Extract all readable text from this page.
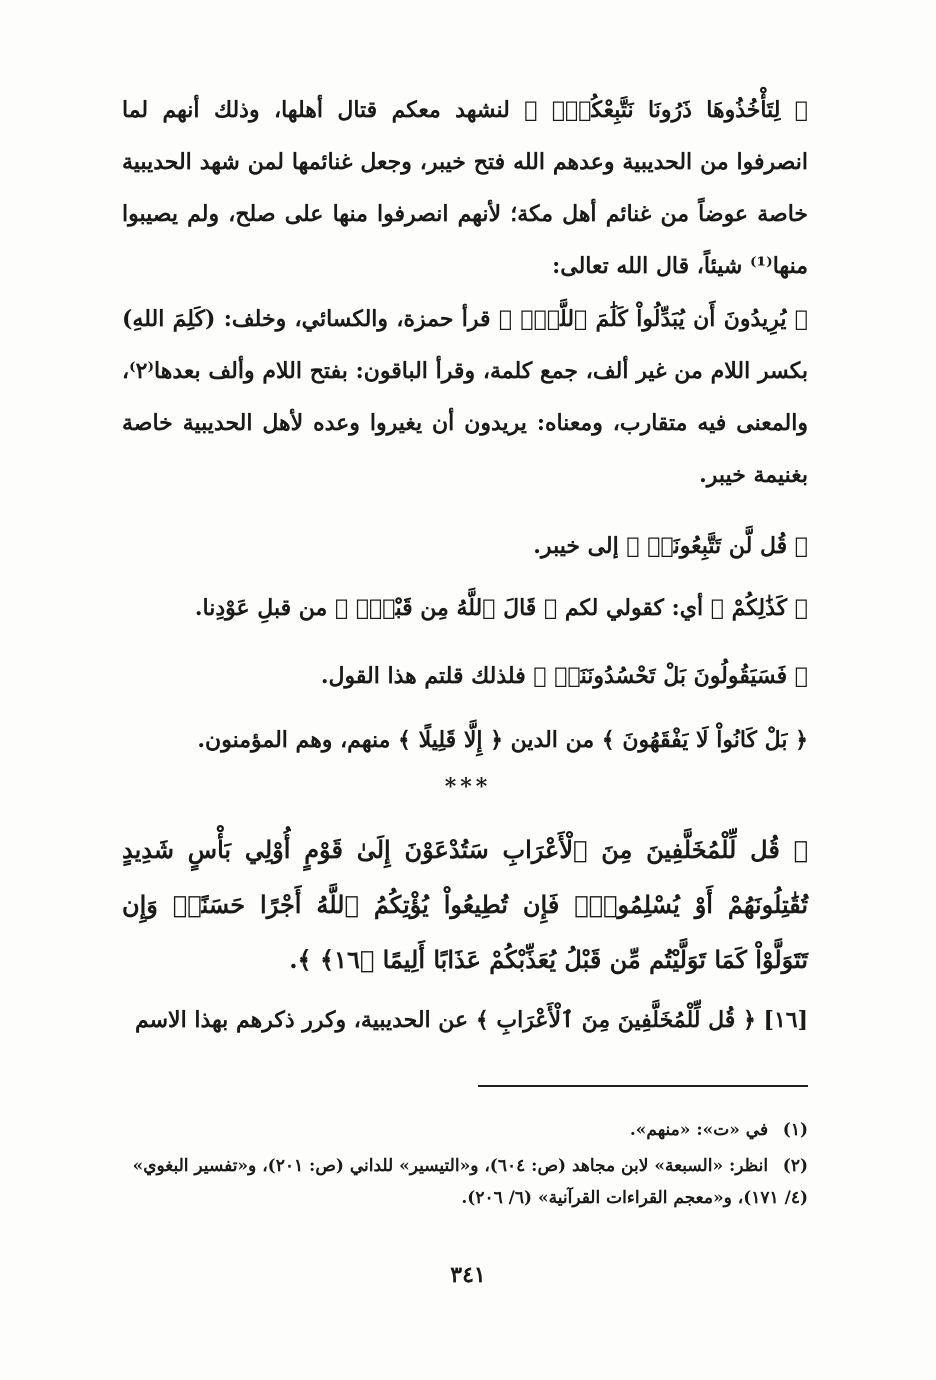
﴿ لِتَأْخُذُوهَا ذَرُونَا نَتَّبِعْكُمْۖ ﴾ لنشهد معكم قتال أهلها، وذلك أنهم لما انصرفوا من الحديبية وعدهم الله فتح خيبر، وجعل غنائمها لمن شهد الحديبية خاصة عوضاً من غنائم أهل مكة؛ لأنهم انصرفوا منها على صلح، ولم يصيبوا منها⁽¹⁾ شيئاً، قال الله تعالى:
﴿ يُرِيدُونَ أَن يُبَدِّلُواْ كَلَٰمَ ٱللَّهِۚ ﴾ قرأ حمزة، والكسائي، وخلف: (كَلِمَ اللهِ) بكسر اللام من غير ألف، جمع كلمة، وقرأ الباقون: بفتح اللام وألف بعدها⁽٢⁾، والمعنى فيه متقارب، ومعناه: يريدون أن يغيروا وعده لأهل الحديبية خاصة بغنيمة خيبر.
﴿ قُل لَّن تَتَّبِعُونَاۚ ﴾ إلى خيبر.
﴿ كَذَٰلِكُمْ ﴾ أي: كقولي لكم ﴿ قَالَ ٱللَّهُ مِن قَبْلُۖ ﴾ من قبلِ عَوْدِنا.
﴿ فَسَيَقُولُونَ بَلْ تَحْسُدُونَنَاۚ ﴾ فلذلك قلتم هذا القول.
﴿ بَلْ كَانُواْ لَا يَفْقَهُونَ ﴾ من الدين ﴿ إِلَّا قَلِيلًا ﴾ منهم، وهم المؤمنون.
***
﴿ قُل لِّلْمُخَلَّفِينَ مِنَ ٱلْأَعْرَابِ سَتُدْعَوْنَ إِلَىٰ قَوْمٍ أُوْلِي بَأْسٍ شَدِيدٍ تُقَٰتِلُونَهُمْ أَوْ يُسْلِمُونَۖ فَإِن تُطِيعُواْ يُؤْتِكُمُ ٱللَّهُ أَجْرًا حَسَنًاۖ وَإِن تَتَوَلَّوْاْ كَمَا تَوَلَّيْتُم مِّن قَبْلُ يُعَذِّبْكُمْ عَذَابًا أَلِيمًا ﴿١٦﴾ ﴾.
[١٦] ﴿ قُل لِّلْمُخَلَّفِينَ مِنَ ٱلْأَعْرَابِ ﴾ عن الحديبية، وكرر ذكرهم بهذا الاسم
(١) في «ت»: «منهم».
(٢) انظر: «السبعة» لابن مجاهد (ص: ٦٠٤)، و«التيسير» للداني (ص: ٢٠١)، و«تفسير البغوي» (٤/ ١٧١)، و«معجم القراءات القرآنية» (٦/ ٢٠٦).
٣٤١
